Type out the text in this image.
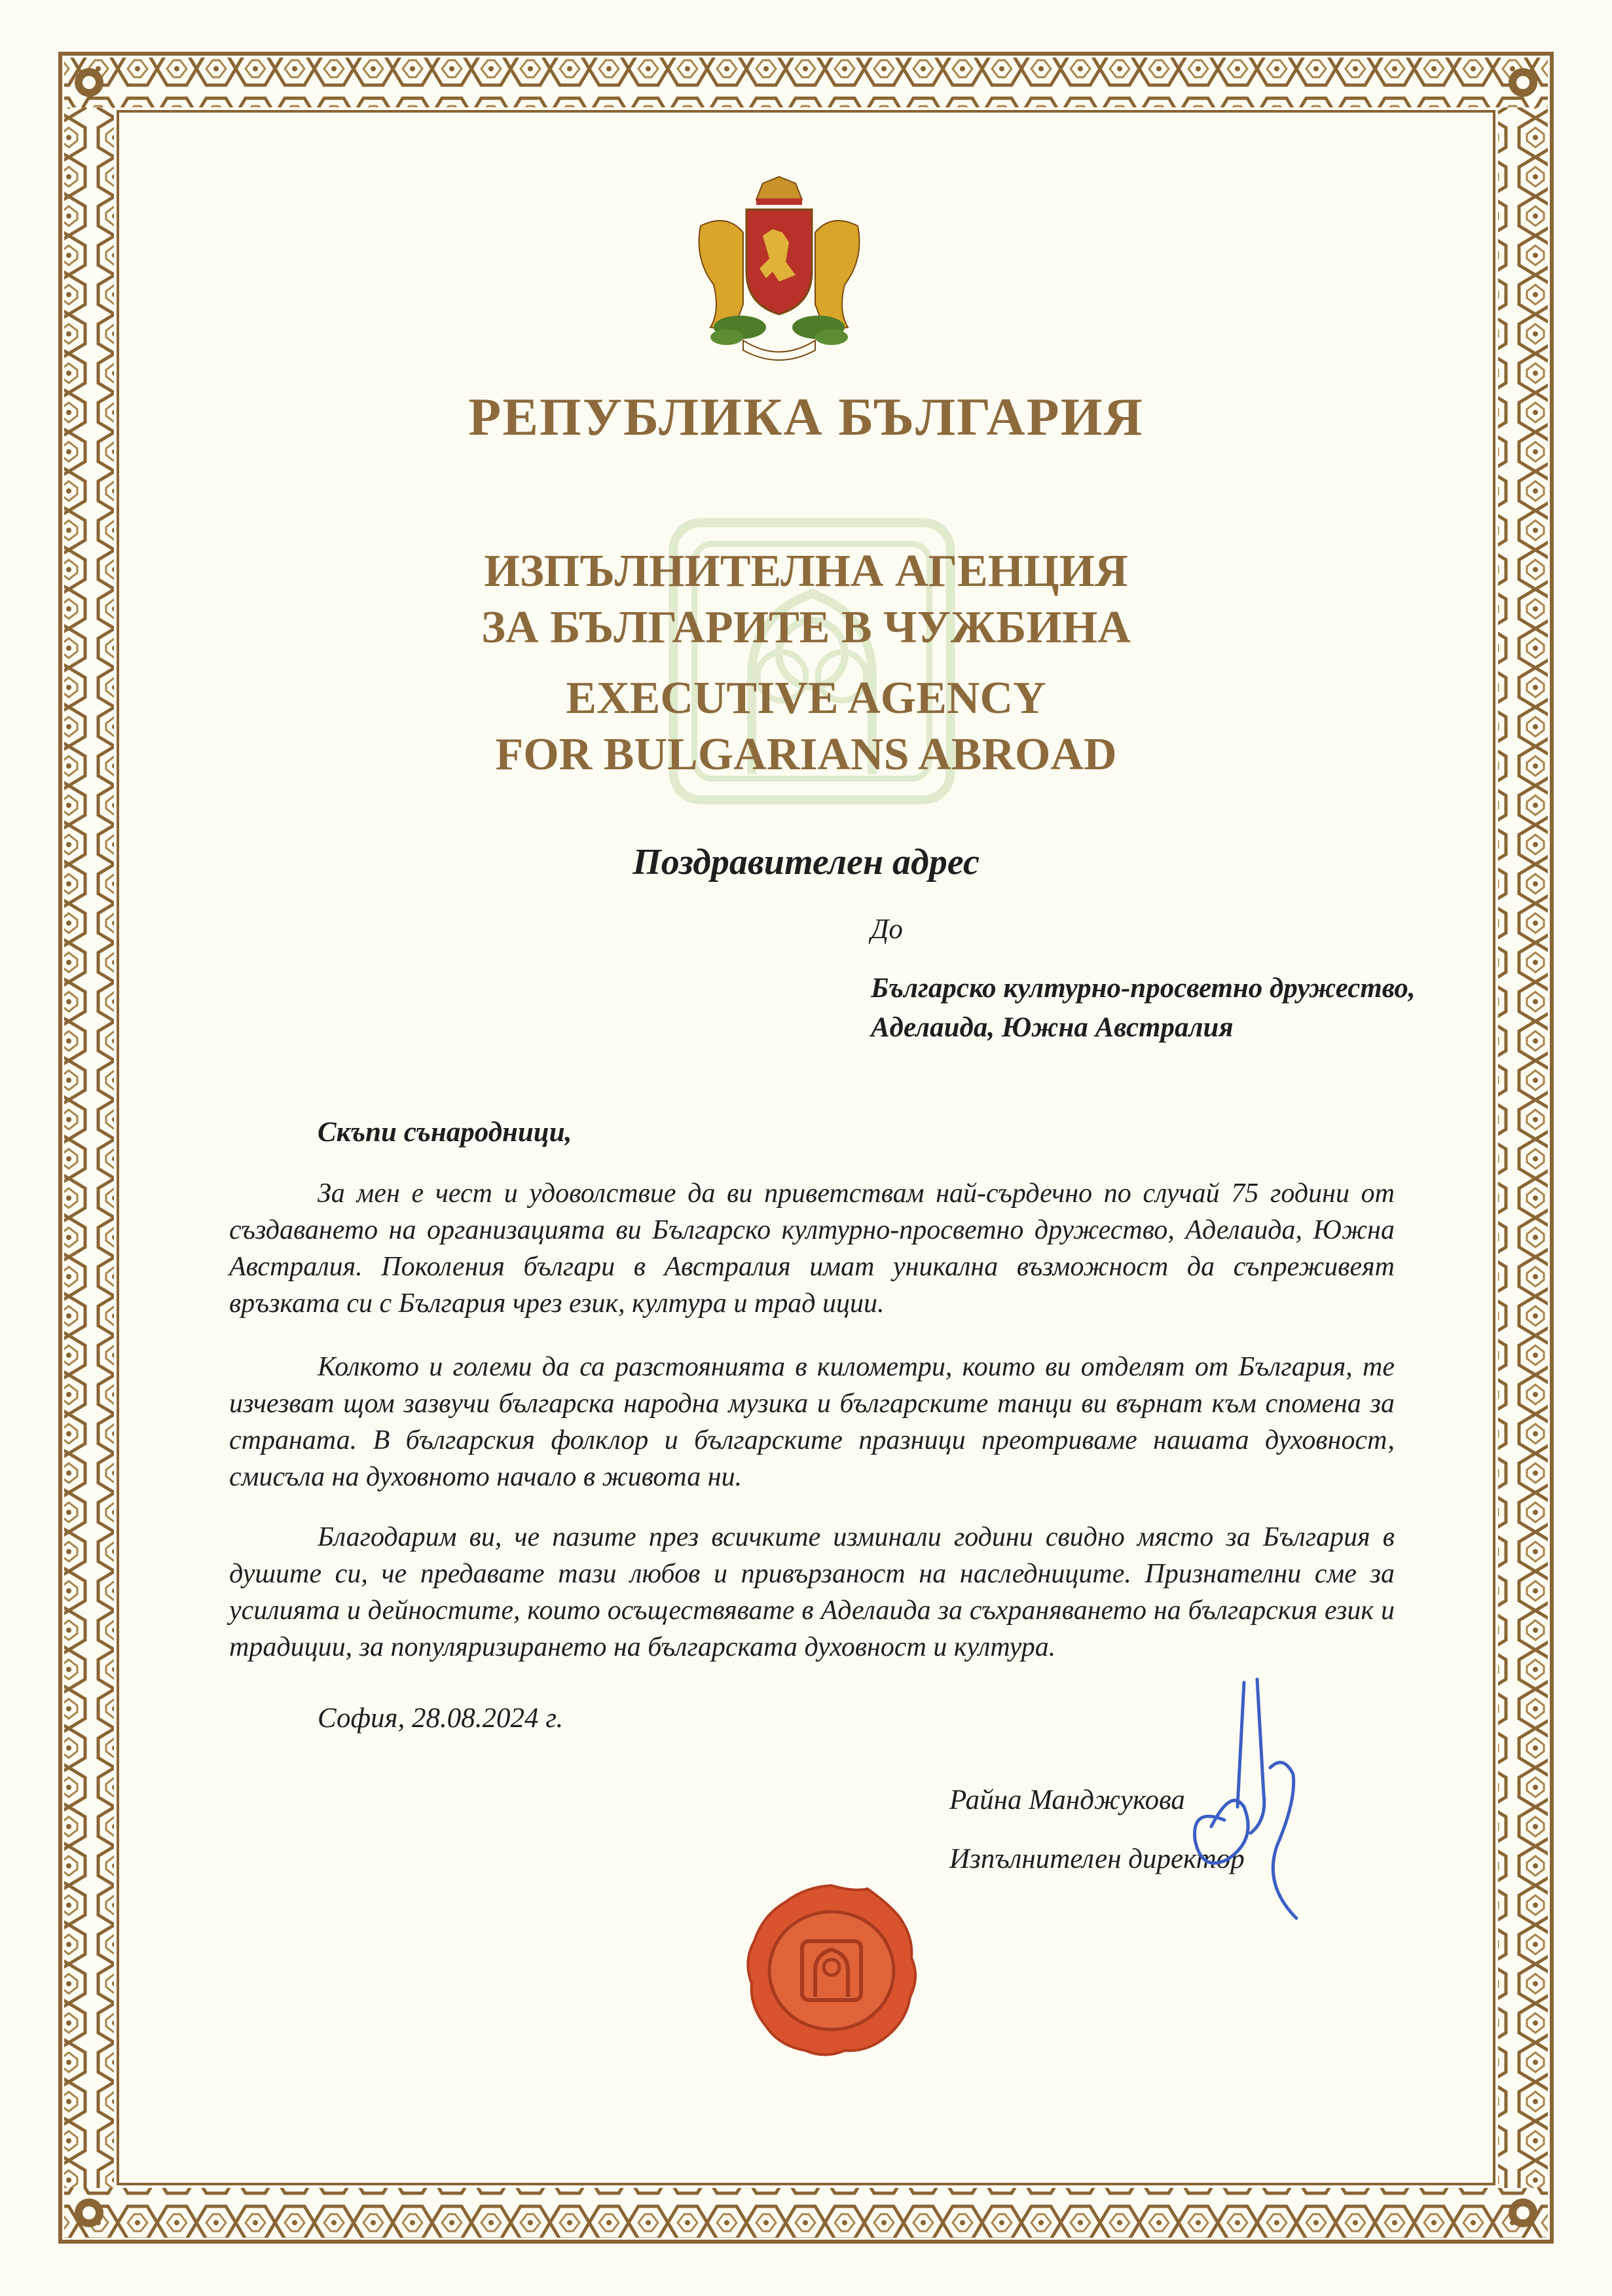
РЕПУБЛИКА БЪЛГАРИЯ
ИЗПЪЛНИТЕЛНА АГЕНЦИЯ
ЗА БЪЛГАРИТЕ В ЧУЖБИНА
EXECUTIVE AGENCY
FOR BULGARIANS ABROAD
Поздравителен адрес
До
Българско културно-просветно дружество,
Аделаида, Южна Австралия
Скъпи сънародници,
За мен е чест и удоволствие да ви приветствам най-сърдечно по случай 75 години от създаването на организацията ви Българско културно-просветно дружество, Аделаида, Южна Австралия. Поколения българи в Австралия имат уникална възможност да съпреживеят връзката си с България чрез език, култура и трад иции.
Колкото и големи да са разстоянията в километри, които ви отделят от България, те изчезват щом зазвучи българска народна музика и българските танци ви върнат към спомена за страната. В българския фолклор и българските празници преотриваме нашата духовност, смисъла на духовното начало в живота ни.
Благодарим ви, че пазите през всичките изминали години свидно място за България в душите си, че предавате тази любов и привързаност на наследниците. Признателни сме за усилията и дейностите, които осъществявате в Аделаида за съхраняването на българския език и традиции, за популяризирането на българската духовност и култура.
София, 28.08.2024 г.
Райна Манджукова
Изпълнителен директор
